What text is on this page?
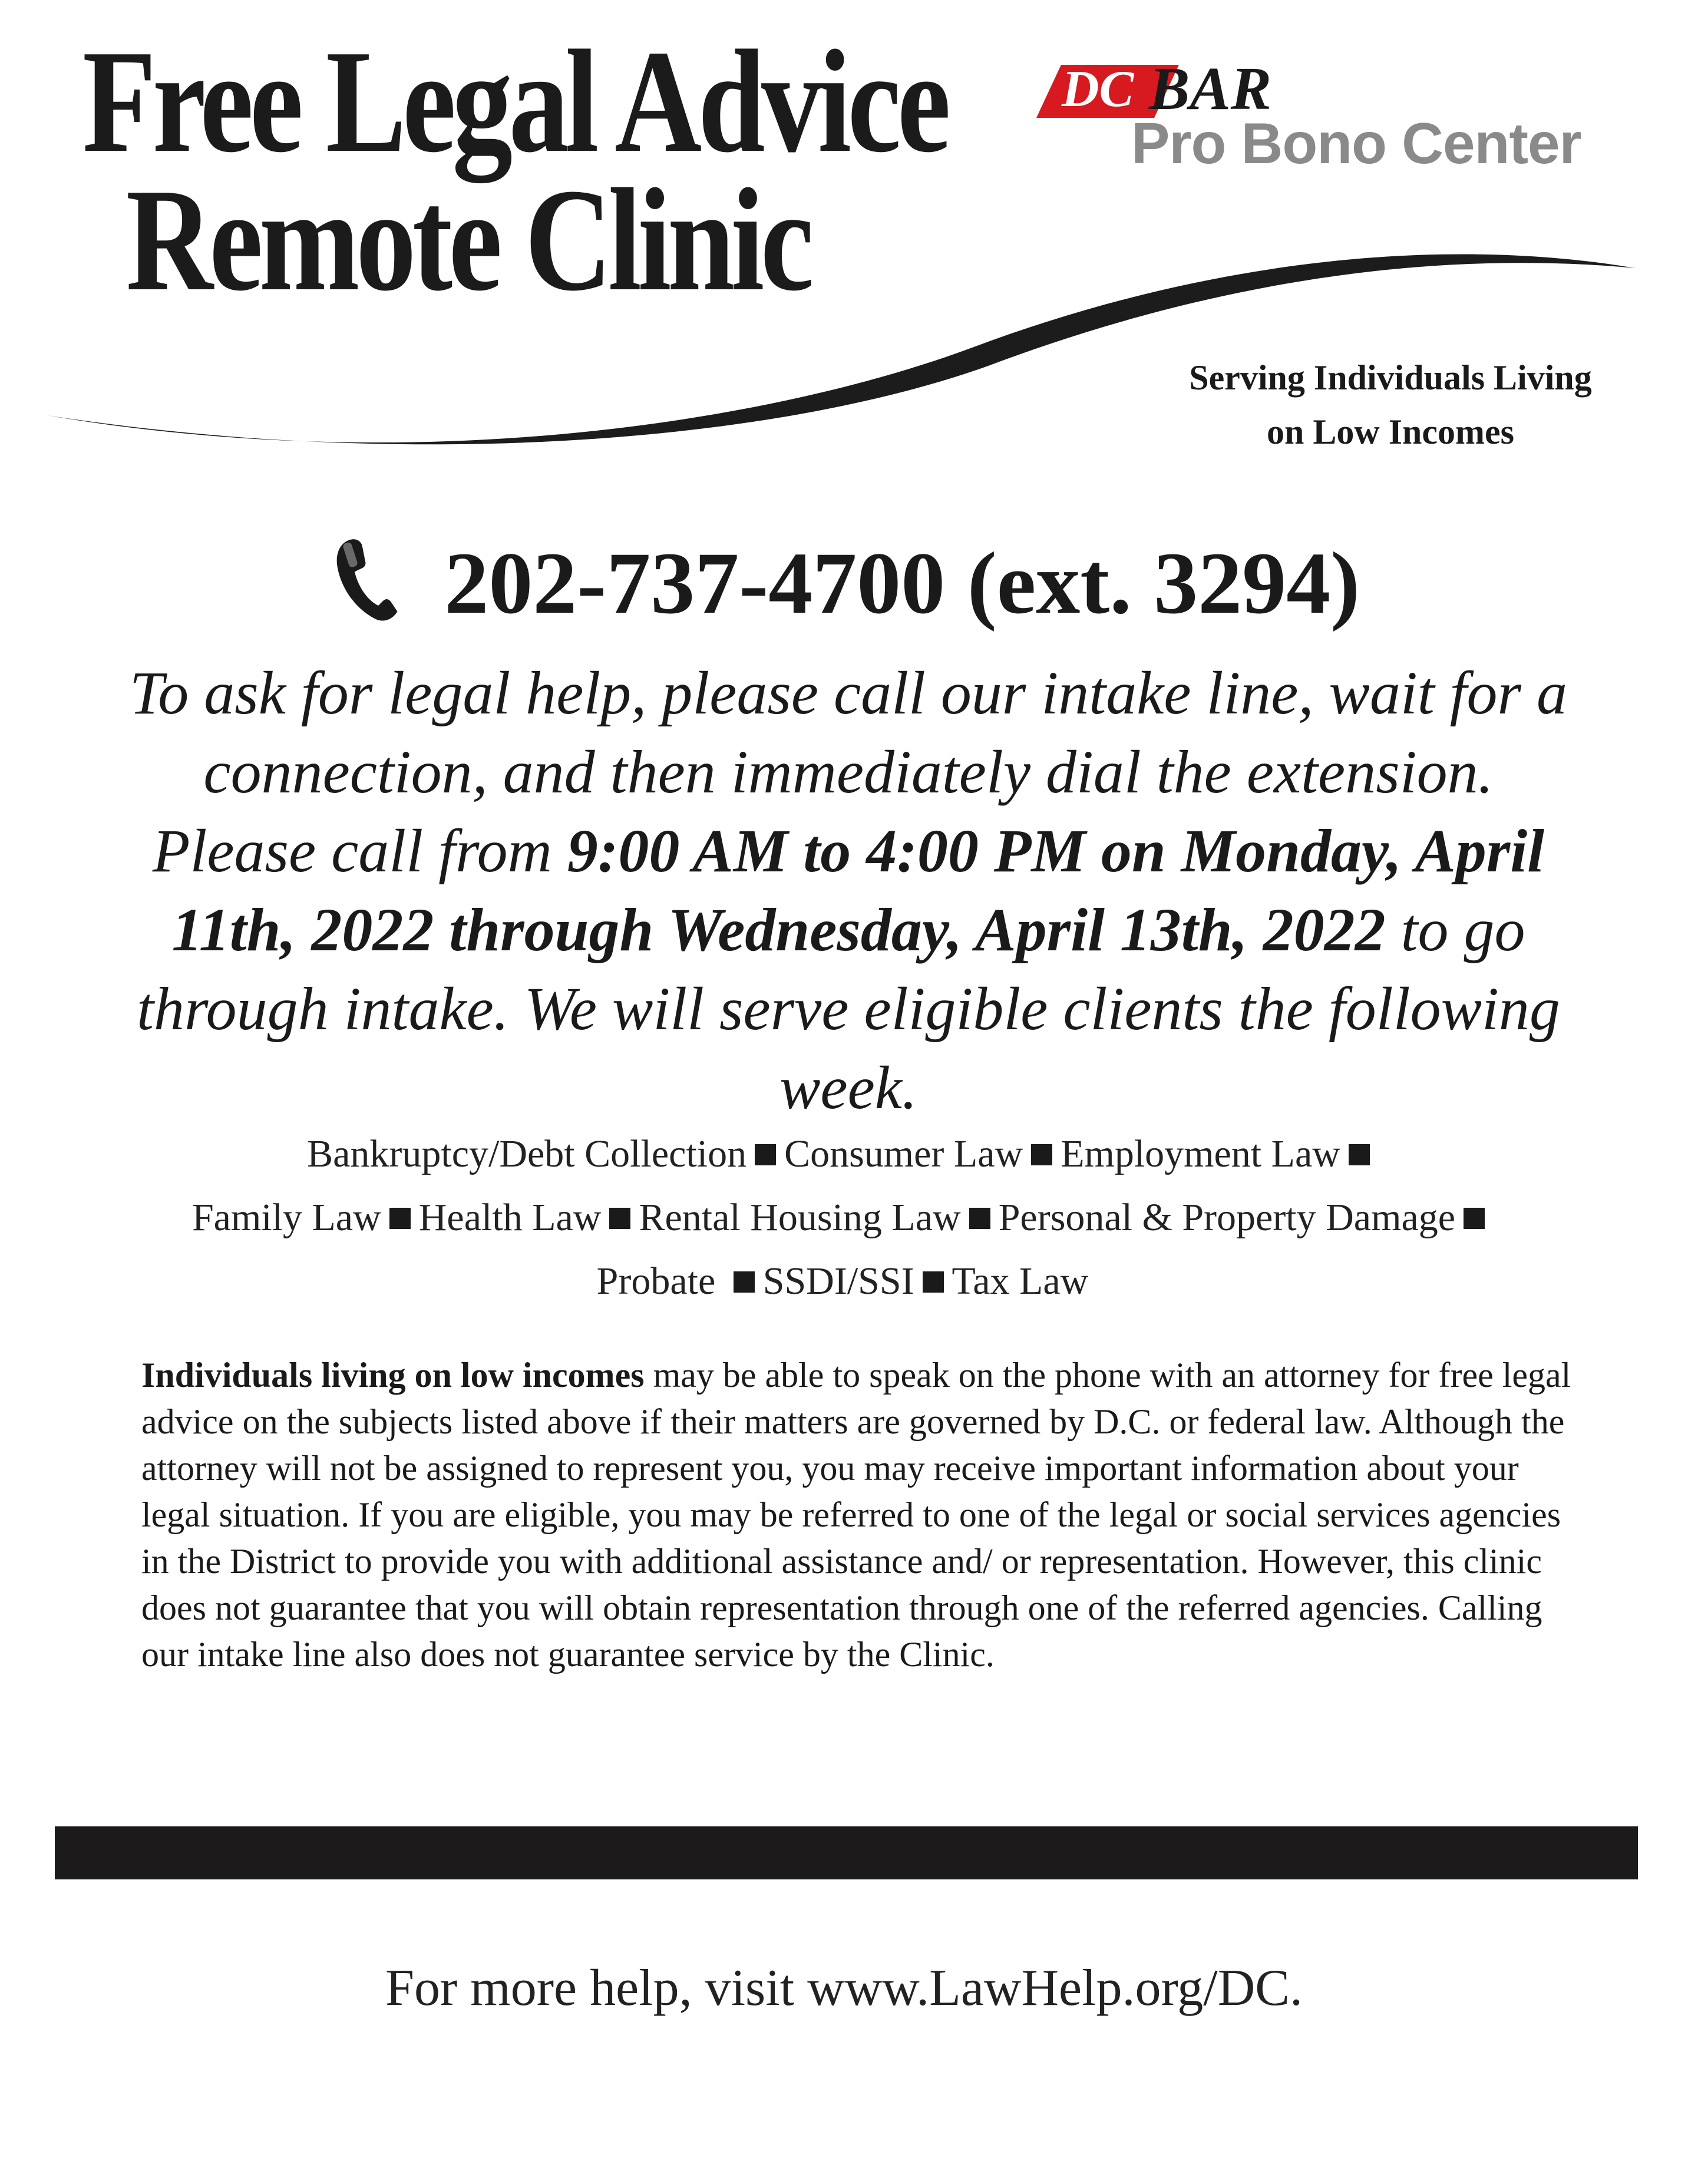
Free Legal Advice
Remote Clinic
DC BAR
Pro Bono Center
Serving Individuals Living
on Low Incomes
202-737-4700 (ext. 3294)
To ask for legal help, please call our intake line, wait for a connection, and then immediately dial the extension. Please call from 9:00 AM to 4:00 PM on Monday, April 11th, 2022 through Wednesday, April 13th, 2022 to go through intake. We will serve eligible clients the following week.
Bankruptcy/Debt Collection Consumer Law Employment Law
Family Law Health Law Rental Housing Law Personal & Property Damage
Probate SSDI/SSI Tax Law
Individuals living on low incomes may be able to speak on the phone with an attorney for free legal advice on the subjects listed above if their matters are governed by D.C. or federal law. Although the attorney will not be assigned to represent you, you may receive important information about your legal situation. If you are eligible, you may be referred to one of the legal or social services agencies in the District to provide you with additional assistance and/ or representation. However, this clinic does not guarantee that you will obtain representation through one of the referred agencies. Calling our intake line also does not guarantee service by the Clinic.
For more help, visit www.LawHelp.org/DC.
